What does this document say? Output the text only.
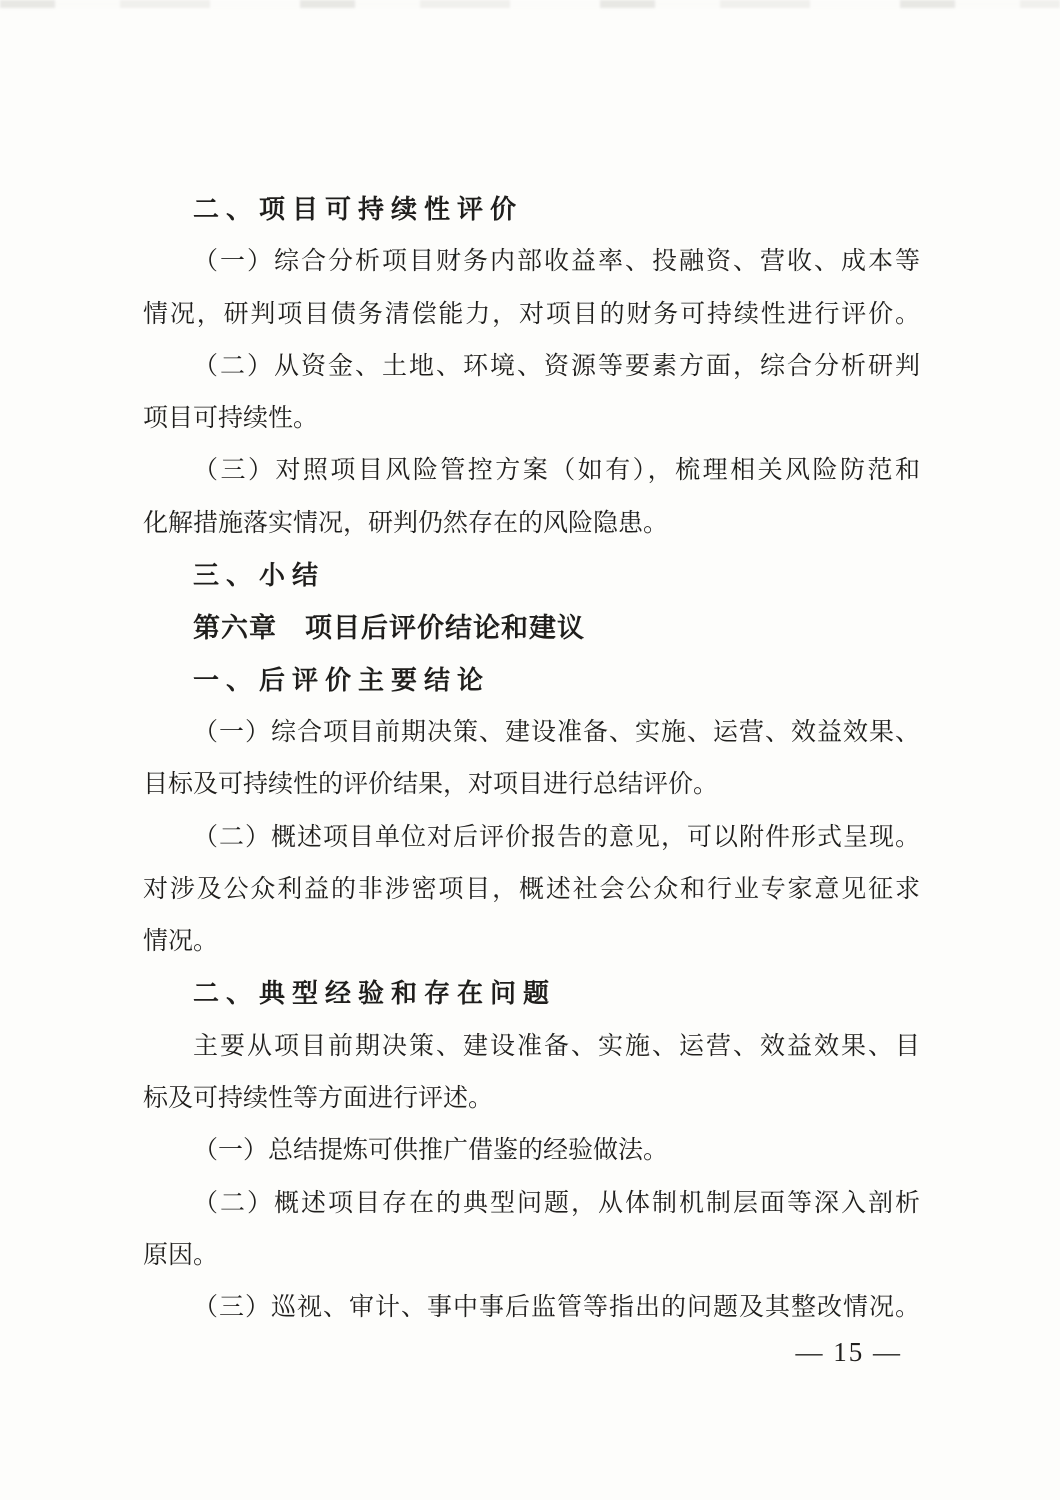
二、项目可持续性评价
（一）综合分析项目财务内部收益率、投融资、营收、成本等
情况，研判项目债务清偿能力，对项目的财务可持续性进行评价。
（二）从资金、土地、环境、资源等要素方面，综合分析研判
项目可持续性。
（三）对照项目风险管控方案（如有），梳理相关风险防范和
化解措施落实情况，研判仍然存在的风险隐患。
三、小结
第六章　项目后评价结论和建议
一、后评价主要结论
（一）综合项目前期决策、建设准备、实施、运营、效益效果、
目标及可持续性的评价结果，对项目进行总结评价。
（二）概述项目单位对后评价报告的意见，可以附件形式呈现。
对涉及公众利益的非涉密项目，概述社会公众和行业专家意见征求
情况。
二、典型经验和存在问题
主要从项目前期决策、建设准备、实施、运营、效益效果、目
标及可持续性等方面进行评述。
（一）总结提炼可供推广借鉴的经验做法。
（二）概述项目存在的典型问题，从体制机制层面等深入剖析
原因。
（三）巡视、审计、事中事后监管等指出的问题及其整改情况。
— 15 —
